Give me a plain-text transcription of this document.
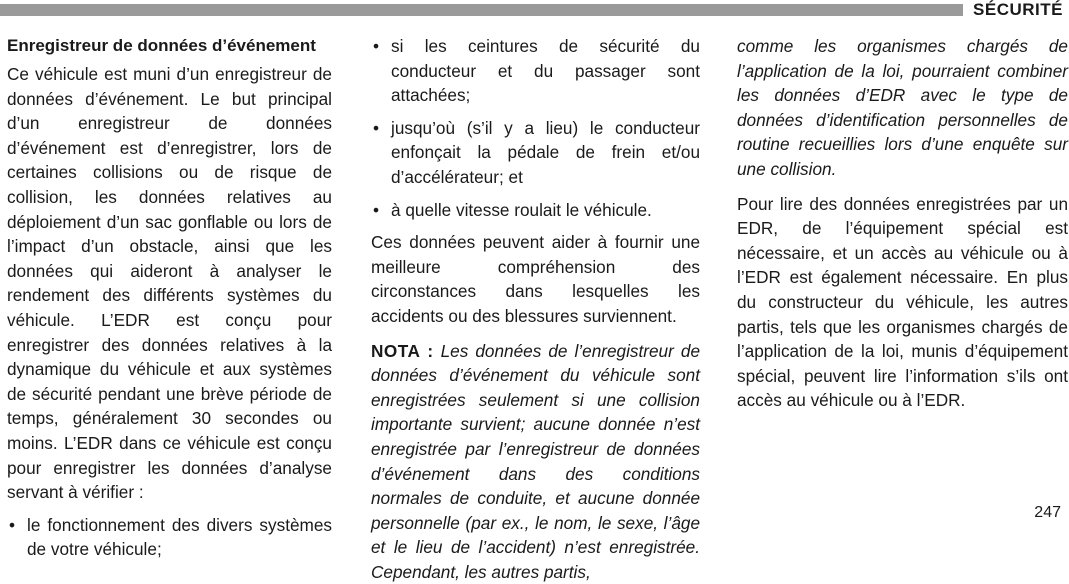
SÉCURITÉ
Enregistreur de données d’événement

Ce véhicule est muni d’un enregistreur de données d’événement. Le but principal d’un enregistreur de données d’événement est d’enregistrer, lors de certaines collisions ou de risque de collision, les données relatives au déploiement d’un sac gonflable ou lors de l’impact d’un obstacle, ainsi que les données qui aideront à analyser le rendement des différents systèmes du véhicule. L’EDR est conçu pour enregistrer des données relatives à la dynamique du véhicule et aux systèmes de sécurité pendant une brève période de temps, généralement 30 secondes ou moins. L’EDR dans ce véhicule est conçu pour enregistrer les données d’analyse servant à vérifier :

• le fonctionnement des divers systèmes de votre véhicule;

• si les ceintures de sécurité du conducteur et du passager sont attachées;

• jusqu’où (s’il y a lieu) le conducteur enfonçait la pédale de frein et/ou d’accélérateur; et

• à quelle vitesse roulait le véhicule.

Ces données peuvent aider à fournir une meilleure compréhension des circonstances dans lesquelles les accidents ou des blessures surviennent.

NOTA : Les données de l’enregistreur de données d’événement du véhicule sont enregistrées seulement si une collision importante survient; aucune donnée n’est enregistrée par l’enregistreur de données d’événement dans des conditions normales de conduite, et aucune donnée personnelle (par ex., le nom, le sexe, l’âge et le lieu de l’accident) n’est enregistrée. Cependant, les autres partis,

comme les organismes chargés de l’application de la loi, pourraient combiner les données d’EDR avec le type de données d’identification personnelles de routine recueillies lors d’une enquête sur une collision.

Pour lire des données enregistrées par un EDR, de l’équipement spécial est nécessaire, et un accès au véhicule ou à l’EDR est également nécessaire. En plus du constructeur du véhicule, les autres partis, tels que les organismes chargés de l’application de la loi, munis d’équipement spécial, peuvent lire l’information s’ils ont accès au véhicule ou à l’EDR.

247
